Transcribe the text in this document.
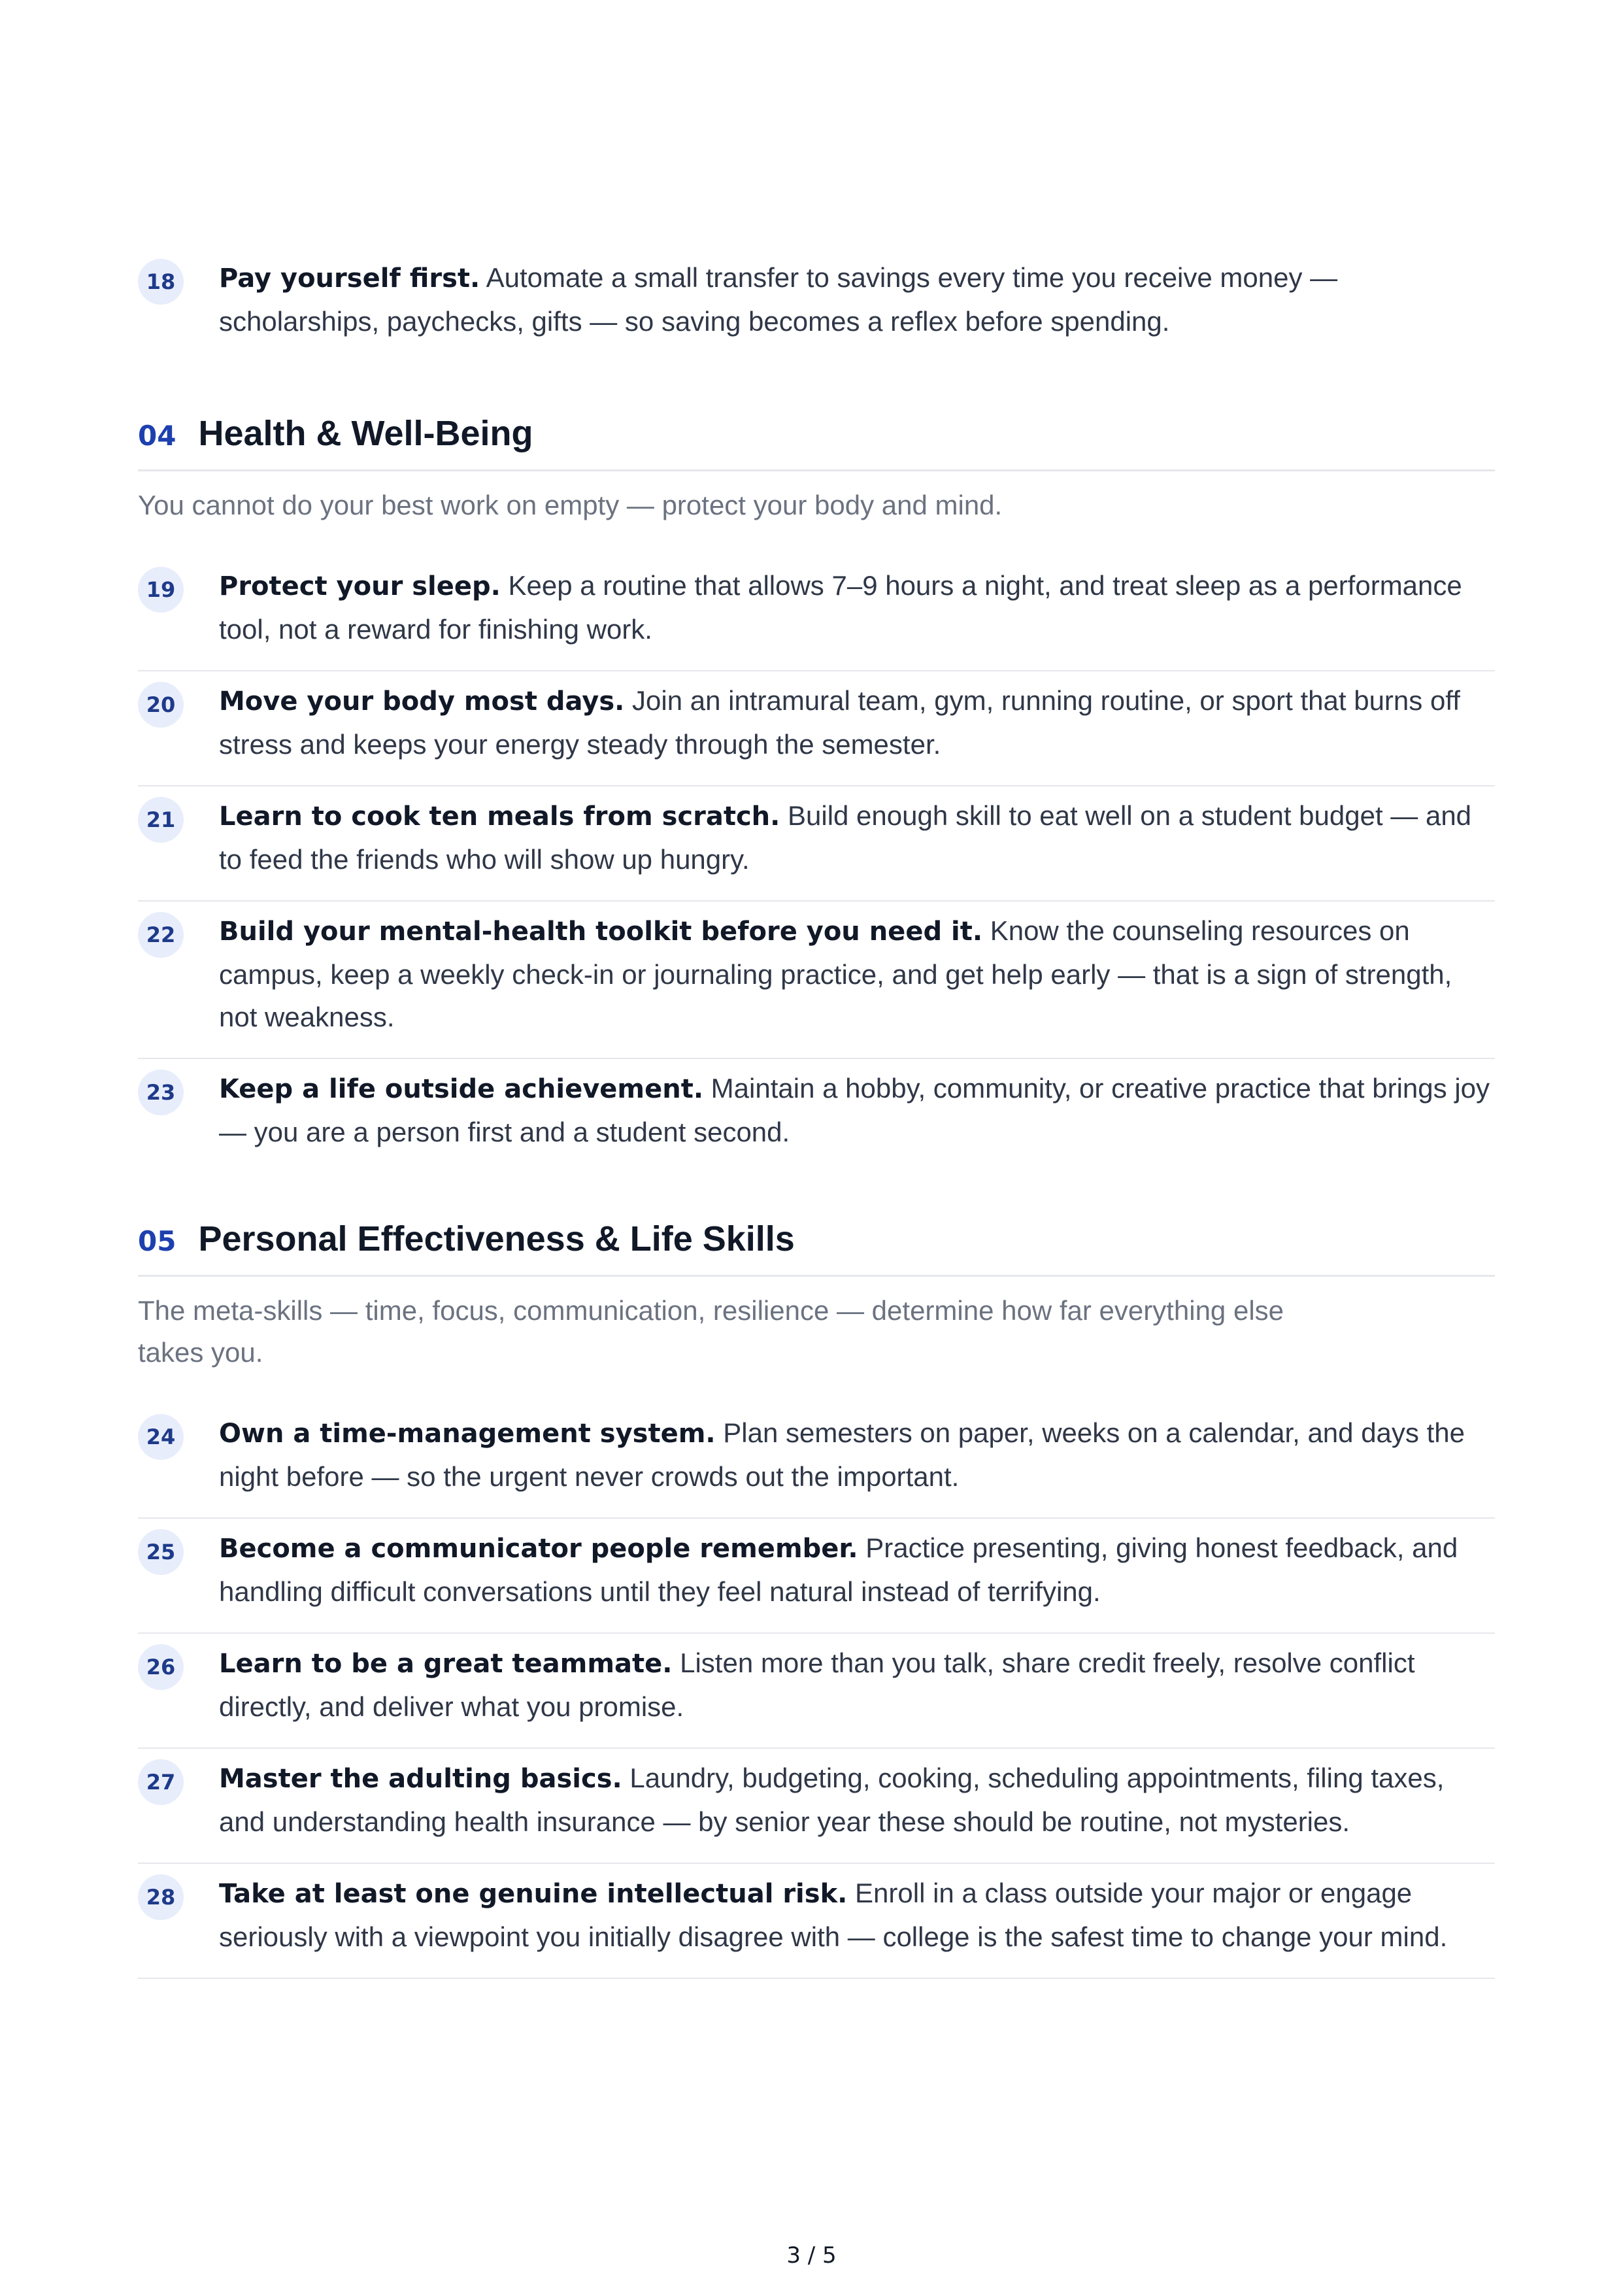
18	Pay yourself first. Automate a small transfer to savings every time you receive money — scholarships, paychecks, gifts — so saving becomes a reflex before spending.
04 Health & Well-Being
You cannot do your best work on empty — protect your body and mind.
19	Protect your sleep. Keep a routine that allows 7–9 hours a night, and treat sleep as a performance tool, not a reward for finishing work.
20	Move your body most days. Join an intramural team, gym, running routine, or sport that burns off stress and keeps your energy steady through the semester.
21	Learn to cook ten meals from scratch. Build enough skill to eat well on a student budget — and to feed the friends who will show up hungry.
22	Build your mental-health toolkit before you need it. Know the counseling resources on campus, keep a weekly check-in or journaling practice, and get help early — that is a sign of strength, not weakness.
23	Keep a life outside achievement. Maintain a hobby, community, or creative practice that brings joy — you are a person first and a student second.
05 Personal Effectiveness & Life Skills
The meta-skills — time, focus, communication, resilience — determine how far everything else takes you.
24	Own a time-management system. Plan semesters on paper, weeks on a calendar, and days the night before — so the urgent never crowds out the important.
25	Become a communicator people remember. Practice presenting, giving honest feedback, and handling difficult conversations until they feel natural instead of terrifying.
26	Learn to be a great teammate. Listen more than you talk, share credit freely, resolve conflict directly, and deliver what you promise.
27	Master the adulting basics. Laundry, budgeting, cooking, scheduling appointments, filing taxes, and understanding health insurance — by senior year these should be routine, not mysteries.
28	Take at least one genuine intellectual risk. Enroll in a class outside your major or engage seriously with a viewpoint you initially disagree with — college is the safest time to change your mind.
3 / 5
